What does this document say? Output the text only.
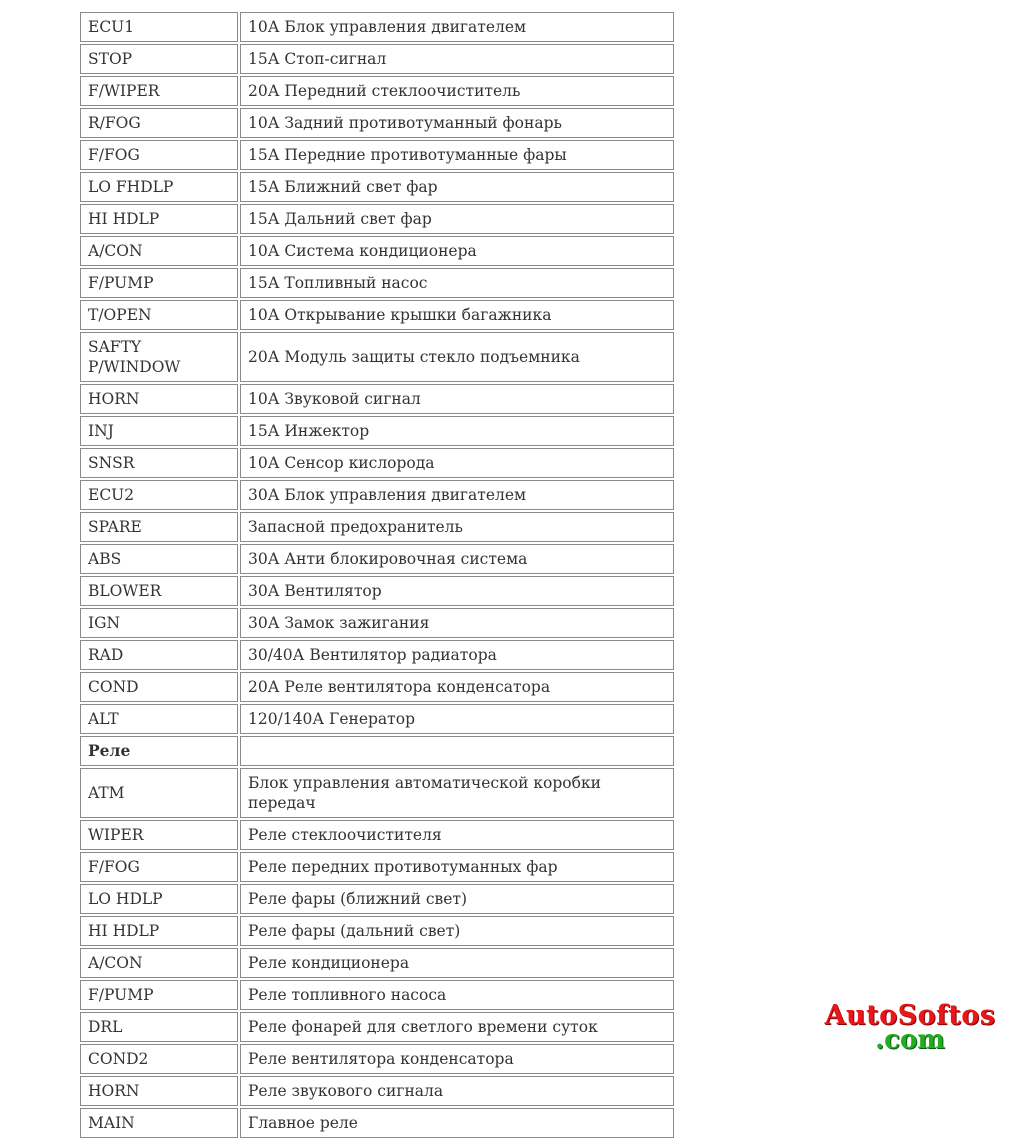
ECU1	10А Блок управления двигателем
STOP	15А Стоп-сигнал
F/WIPER	20А Передний стеклоочиститель
R/FOG	10А Задний противотуманный фонарь
F/FOG	15А Передние противотуманные фары
LO FHDLP	15А Ближний свет фар
HI HDLP	15А Дальний свет фар
A/CON	10А Система кондиционера
F/PUMP	15А Топливный насос
T/OPEN	10А Открывание крышки багажника
SAFTY P/WINDOW	20А Модуль защиты стекло подъемника
HORN	10А Звуковой сигнал
INJ	15А Инжектор
SNSR	10А Сенсор кислорода
ECU2	30А Блок управления двигателем
SPARE	Запасной предохранитель
ABS	30А Анти блокировочная система
BLOWER	30А Вентилятор
IGN	30А Замок зажигания
RAD	30/40А Вентилятор радиатора
COND	20А Реле вентилятора конденсатора
ALT	120/140А Генератор
Реле	
ATM	Блок управления автоматической коробки передач
WIPER	Реле стеклоочистителя
F/FOG	Реле передних противотуманных фар
LO HDLP	Реле фары (ближний свет)
HI HDLP	Реле фары (дальний свет)
A/CON	Реле кондиционера
F/PUMP	Реле топливного насоса
DRL	Реле фонарей для светлого времени суток
COND2	Реле вентилятора конденсатора
HORN	Реле звукового сигнала
MAIN	Главное реле
AutoSoftos
.com
